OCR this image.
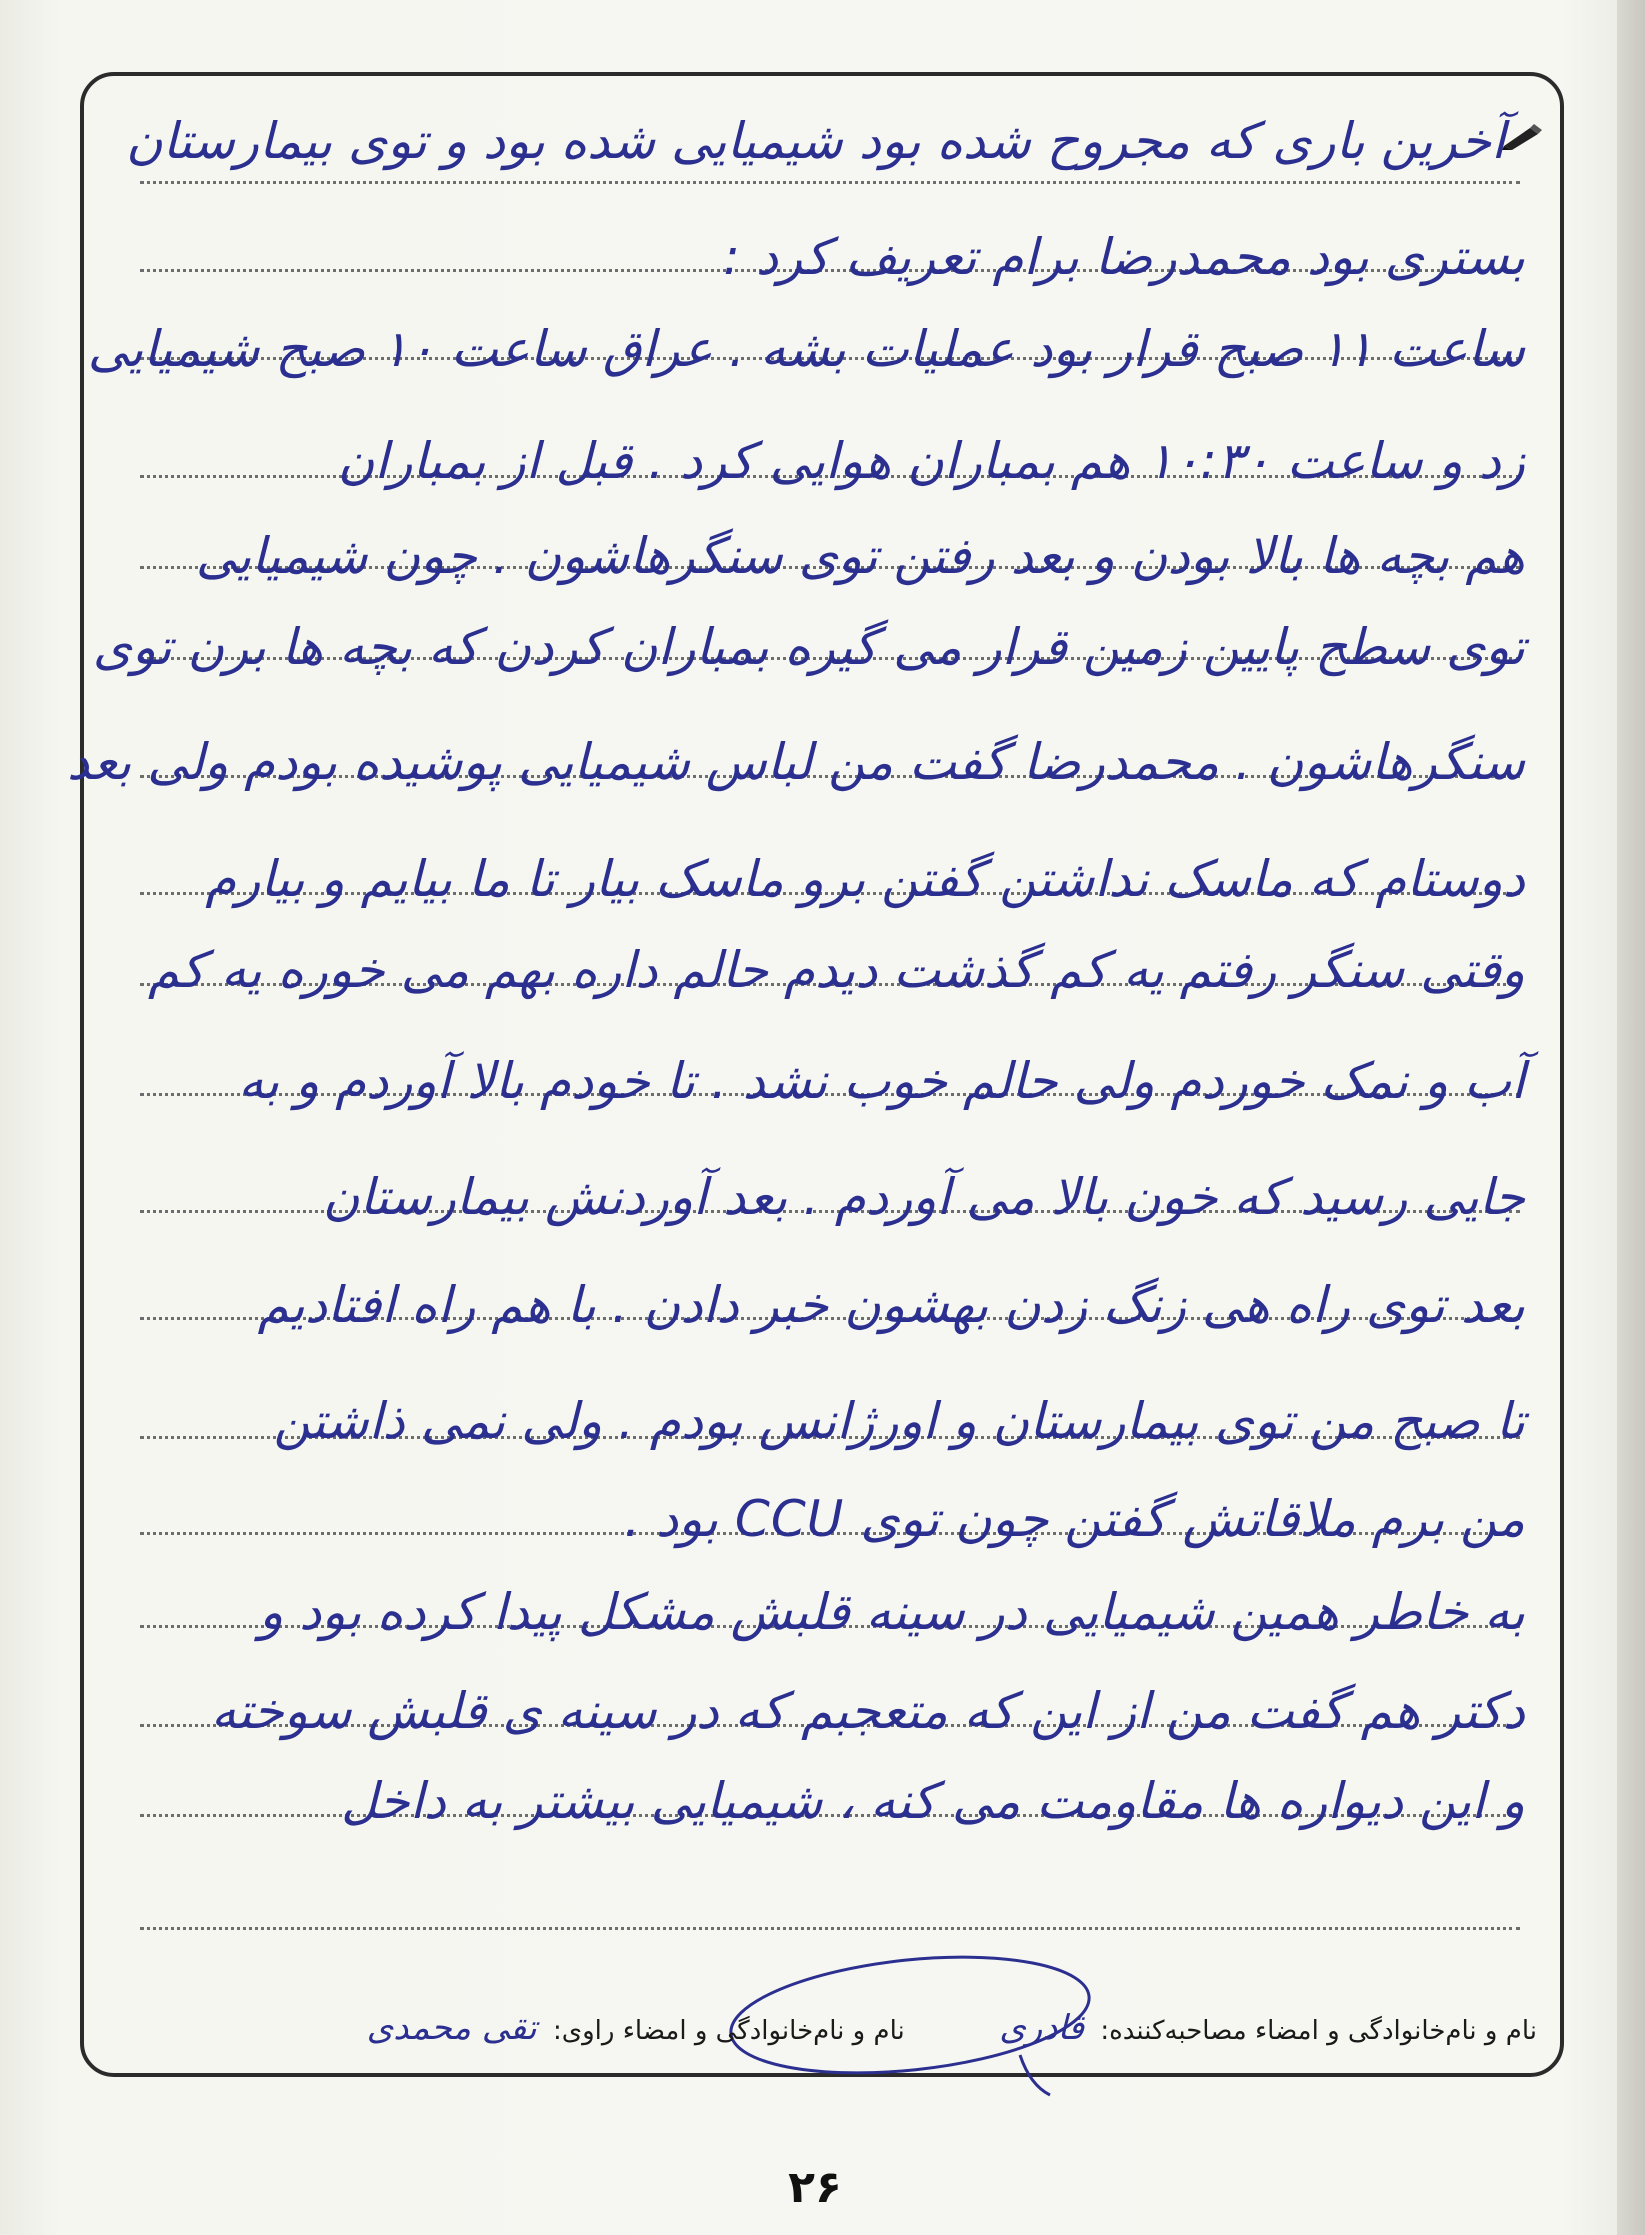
آخرین باری که مجروح شده بود شیمیایی شده بود و توی بیمارستان
بستری بود محمدرضا برام تعریف کرد :
ساعت ۱۱ صبح قرار بود عملیات بشه . عراق ساعت ۱۰ صبح شیمیایی
زد و ساعت ۱۰:۳۰ هم بمباران هوایی کرد . قبل از بمباران
هم بچه ها بالا بودن و بعد رفتن توی سنگرهاشون . چون شیمیایی
توی سطح پایین زمین قرار می گیره بمباران کردن که بچه ها برن توی
سنگرهاشون . محمدرضا گفت من لباس شیمیایی پوشیده بودم ولی بعد
دوستام که ماسک نداشتن گفتن برو ماسک بیار تا ما بیایم و بیارم
وقتی سنگر رفتم یه کم گذشت دیدم حالم داره بهم می خوره یه کم
آب و نمک خوردم ولی حالم خوب نشد . تا خودم بالا آوردم و به
جایی رسید که خون بالا می آوردم . بعد آوردنش بیمارستان
بعد توی راه هی زنگ زدن بهشون خبر دادن . با هم راه افتادیم
تا صبح من توی بیمارستان و اورژانس بودم . ولی نمی ذاشتن
من برم ملاقاتش گفتن چون توی CCU بود .
به خاطر همین شیمیایی در سینه قلبش مشکل پیدا کرده بود و
دکتر هم گفت من از این که متعجبم که در سینه ی قلبش سوخته
و این دیواره ها مقاومت می کنه ، شیمیایی بیشتر به داخل
نام و نام‌خانوادگی و امضاء مصاحبه‌کننده: قادری  نام و نام‌خانوادگی و امضاء راوی: تقی محمدی
۲۶
